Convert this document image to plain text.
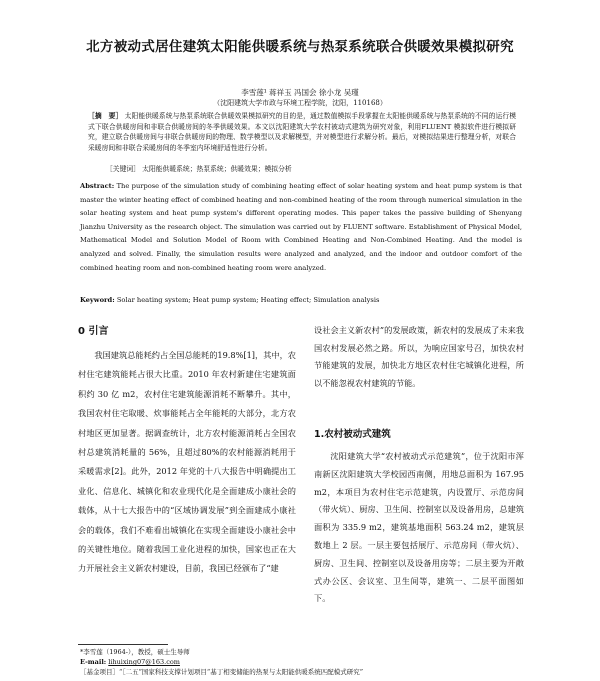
北方被动式居住建筑太阳能供暖系统与热泵系统联合供暖效果模拟研究
李雪莲¹ 蒋祥玉 冯国会 徐小龙 吴瑾
（沈阳建筑大学市政与环境工程学院，沈阳，110168）
［摘　要］ 太阳能供暖系统与热泵系统联合供暖效果模拟研究的目的是，通过数值模拟手段掌握在太阳能供暖系统与热泵系统的不同的运行模式下联合供暖房间和非联合供暖房间的冬季供暖效果。本文以沈阳建筑大学农村被动式建筑为研究对象，利用FLUENT 模拟软件进行模拟研究，建立联合供暖房间与非联合供暖房间的物理、数学模型以及求解模型，并对模型进行求解分析。最后，对模拟结果进行整理分析，对联合采暖房间和非联合采暖房间的冬季室内环境舒适性进行分析。
［关键词］ 太阳能供暖系统；热泵系统；供暖效果；模拟分析
Abstract: The purpose of the simulation study of combining heating effect of solar heating system and heat pump system is that master the winter heating effect of combined heating and non-combined heating of the room through numerical simulation in the solar heating system and heat pump system's different operating modes. This paper takes the passive building of Shenyang Jianzhu University as the research object. The simulation was carried out by FLUENT software. Establishment of Physical Model, Mathematical Model and Solution Model of Room with Combined Heating and Non-Combined Heating. And the model is analyzed and solved. Finally, the simulation results were analyzed and analyzed, and the indoor and outdoor comfort of the combined heating room and non-combined heating room were analyzed.
Keyword: Solar heating system; Heat pump system; Heating effect; Simulation analysis
0 引言
我国建筑总能耗约占全国总能耗的19.8%[1]，其中，农村住宅建筑能耗占很大比重。2010 年农村新建住宅建筑面积约 30 亿 m2，农村住宅建筑能源消耗不断攀升。其中，我国农村住宅取暖、炊事能耗占全年能耗的大部分，北方农村地区更加显著。据调查统计，北方农村能源消耗占全国农村总建筑消耗量的 56%，且超过80%的农村能源消耗用于采暖需求[2]。此外，2012 年党的十八大报告中明确提出工业化、信息化、城镇化和农业现代化是全面建成小康社会的载体，从十七大报告中的“区域协调发展”到全面建成小康社会的载体，我们不难看出城镇化在实现全面建设小康社会中的关键性地位。随着我国工业化进程的加快，国家也正在大力开展社会主义新农村建设，目前，我国已经颁布了“建
设社会主义新农村”的发展政策，新农村的发展成了未来我国农村发展必然之路。所以，为响应国家号召，加快农村节能建筑的发展，加快北方地区农村住宅城镇化进程，所以不能忽视农村建筑的节能。
1.农村被动式建筑
沈阳建筑大学“农村被动式示范建筑”，位于沈阳市浑南新区沈阳建筑大学校园西南侧，用地总面积为 167.95 m2，本项目为农村住宅示范建筑，内设置厅、示范房间（带火炕）、厨房、卫生间、控制室以及设备用房，总建筑面积为 335.9 m2，建筑基地面积 563.24 m2，建筑层数地上 2 层。一层主要包括展厅、示范房间（带火炕）、厨房、卫生间、控制室以及设备用房等；二层主要为开敞式办公区、会议室、卫生间等，建筑一、二层平面图如下。
*李雪莲（1964-），教授，硕士生导师
E-mail: lihuixing07@163.com
［基金项目］“［二五”国家科技支撑计划项目“基丁相变储能的热泵与太阳能供暖系统匹配模式研究”
